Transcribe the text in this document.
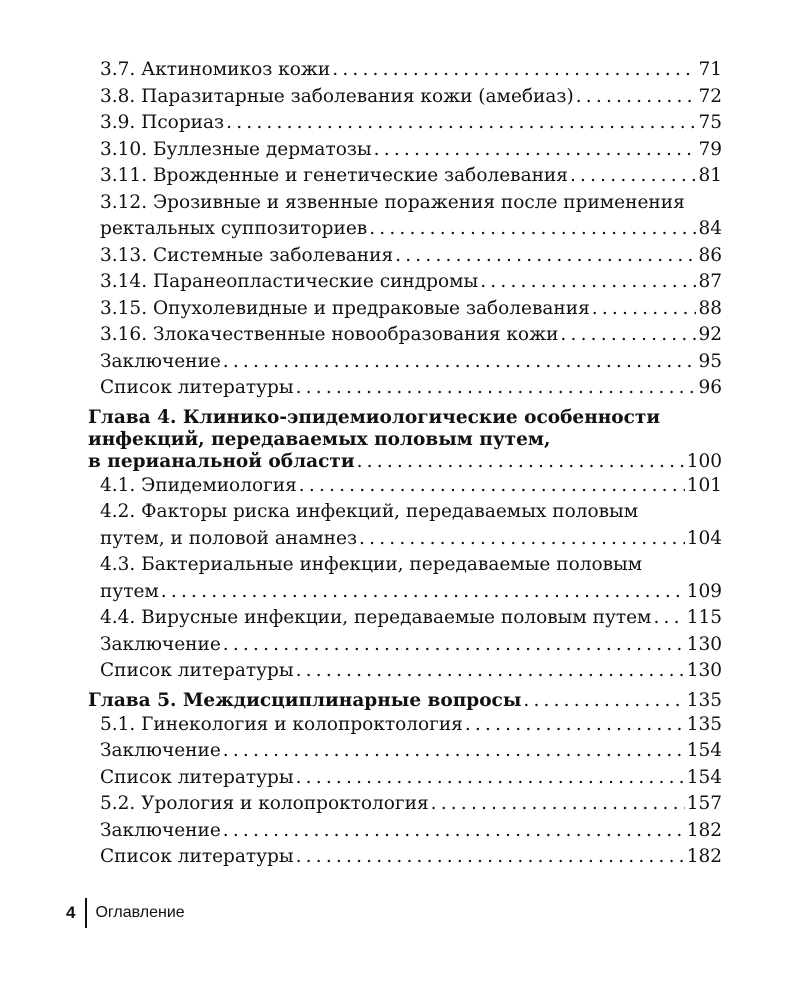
3.7. Актиномикоз кожи .....	71
3.8. Паразитарные заболевания кожи (амебиаз) .....	72
3.9. Псориаз .....	75
3.10. Буллезные дерматозы .....	79
3.11. Врожденные и генетические заболевания .....	81
3.12. Эрозивные и язвенные поражения после применения
ректальных суппозиториев .....	84
3.13. Системные заболевания .....	86
3.14. Паранеопластические синдромы .....	87
3.15. Опухолевидные и предраковые заболевания .....	88
3.16. Злокачественные новообразования кожи .....	92
Заключение .....	95
Список литературы .....	96
Глава 4. Клинико-эпидемиологические особенности
инфекций, передаваемых половым путем,
в перианальной области .....	100
4.1. Эпидемиология .....	101
4.2. Факторы риска инфекций, передаваемых половым
путем, и половой анамнез .....	104
4.3. Бактериальные инфекции, передаваемые половым
путем .....	109
4.4. Вирусные инфекции, передаваемые половым путем ..... 115
Заключение .....	130
Список литературы .....	130
Глава 5. Междисциплинарные вопросы .....	135
5.1. Гинекология и колопроктология .....	135
Заключение .....	154
Список литературы .....	154
5.2. Урология и колопроктология .....	157
Заключение .....	182
Список литературы .....	182
4 Оглавление
